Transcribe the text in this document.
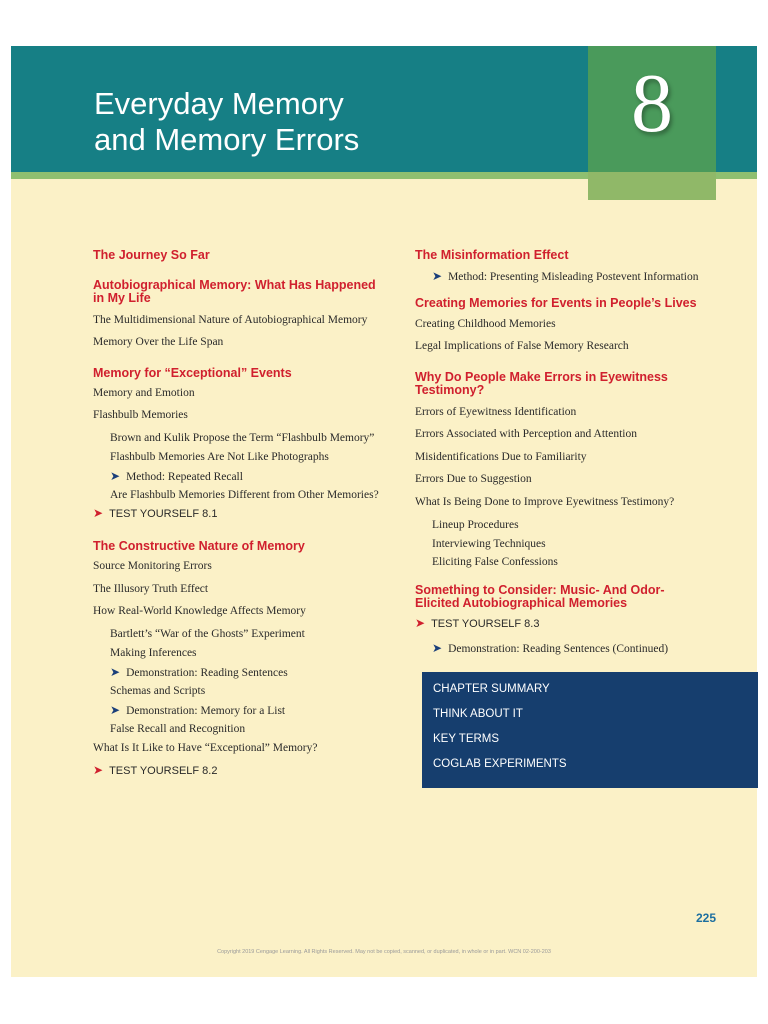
8
Everyday Memory
and Memory Errors
The Journey So Far
Autobiographical Memory: What Has Happened
in My Life
The Multidimensional Nature of Autobiographical Memory
Memory Over the Life Span
Memory for “Exceptional” Events
Memory and Emotion
Flashbulb Memories
Brown and Kulik Propose the Term “Flashbulb Memory”
Flashbulb Memories Are Not Like Photographs
➤ Method: Repeated Recall
Are Flashbulb Memories Different from Other Memories?
➤ TEST YOURSELF 8.1
The Constructive Nature of Memory
Source Monitoring Errors
The Illusory Truth Effect
How Real-World Knowledge Affects Memory
Bartlett’s “War of the Ghosts” Experiment
Making Inferences
➤ Demonstration: Reading Sentences
Schemas and Scripts
➤ Demonstration: Memory for a List
False Recall and Recognition
What Is It Like to Have “Exceptional” Memory?
➤ TEST YOURSELF 8.2
The Misinformation Effect
➤ Method: Presenting Misleading Postevent Information
Creating Memories for Events in People’s Lives
Creating Childhood Memories
Legal Implications of False Memory Research
Why Do People Make Errors in Eyewitness
Testimony?
Errors of Eyewitness Identification
Errors Associated with Perception and Attention
Misidentifications Due to Familiarity
Errors Due to Suggestion
What Is Being Done to Improve Eyewitness Testimony?
Lineup Procedures
Interviewing Techniques
Eliciting False Confessions
Something to Consider: Music- And Odor-
Elicited Autobiographical Memories
➤ TEST YOURSELF 8.3
➤ Demonstration: Reading Sentences (Continued)
CHAPTER SUMMARY
THINK ABOUT IT
KEY TERMS
COGLAB EXPERIMENTS
225
Copyright 2019 Cengage Learning. All Rights Reserved. May not be copied, scanned, or duplicated, in whole or in part. WCN 02-200-203
